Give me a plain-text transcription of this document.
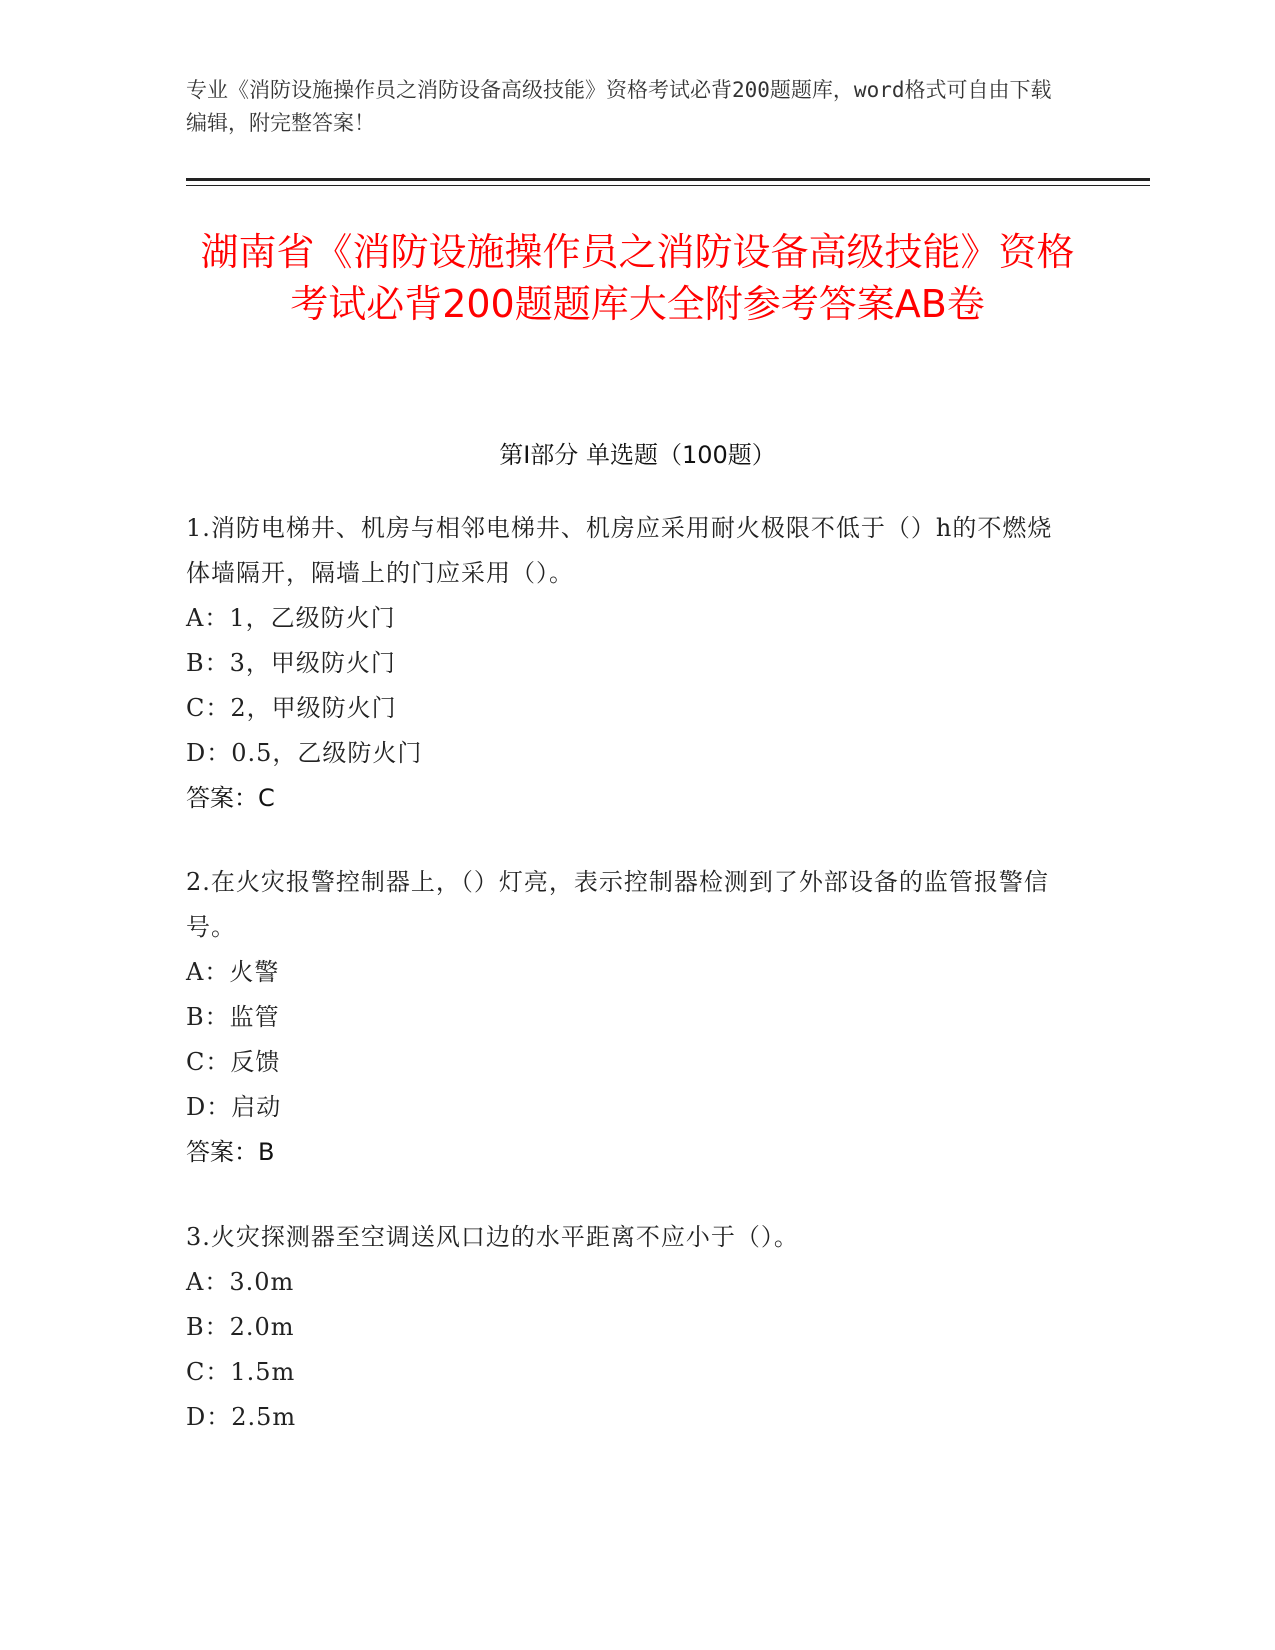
专业《消防设施操作员之消防设备高级技能》资格考试必背200题题库，word格式可自由下载编辑，附完整答案！
湖南省《消防设施操作员之消防设备高级技能》资格考试必背200题题库大全附参考答案AB卷
第Ⅰ部分 单选题（100题）
1.消防电梯井、机房与相邻电梯井、机房应采用耐火极限不低于（）h的不燃烧体墙隔开，隔墙上的门应采用（）。
A：1，乙级防火门
B：3，甲级防火门
C：2，甲级防火门
D：0.5，乙级防火门
答案：C
2.在火灾报警控制器上，（）灯亮，表示控制器检测到了外部设备的监管报警信号。
A：火警
B：监管
C：反馈
D：启动
答案：B
3.火灾探测器至空调送风口边的水平距离不应小于（）。
A：3.0m
B：2.0m
C：1.5m
D：2.5m
